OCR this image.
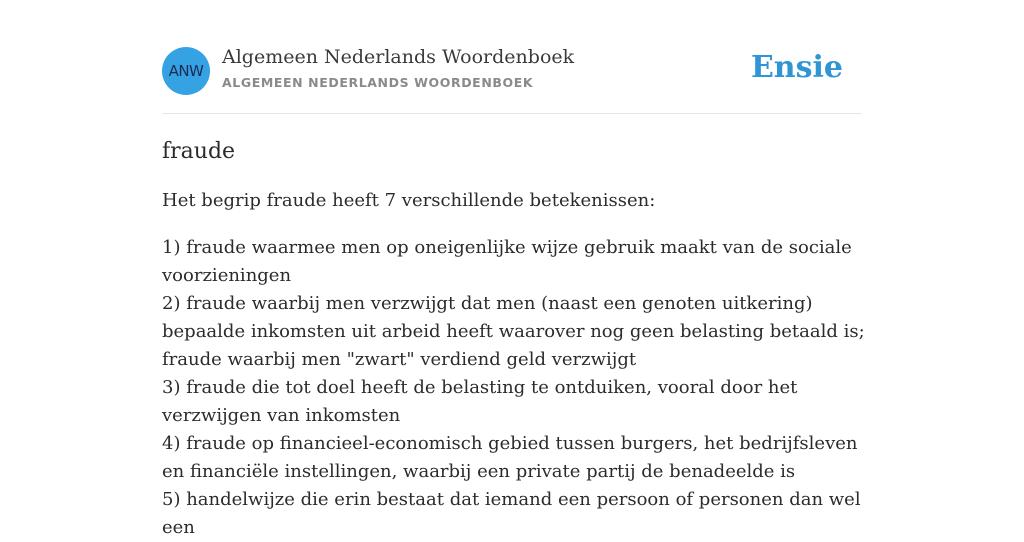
ANW
Algemeen Nederlands Woordenboek
ALGEMEEN NEDERLANDS WOORDENBOEK	Ensie
fraude

Het begrip fraude heeft 7 verschillende betekenissen:

1) fraude waarmee men op oneigenlijke wijze gebruik maakt van de sociale voorzieningen
2) fraude waarbij men verzwijgt dat men (naast een genoten uitkering) bepaalde inkomsten uit arbeid heeft waarover nog geen belasting betaald is; fraude waarbij men "zwart" verdiend geld verzwijgt
3) fraude die tot doel heeft de belasting te ontduiken, vooral door het verzwijgen van inkomsten
4) fraude op financieel-economisch gebied tussen burgers, het bedrijfsleven en financiële instellingen, waarbij een private partij de benadeelde is
5) handelwijze die erin bestaat dat iemand een persoon of personen dan wel een
